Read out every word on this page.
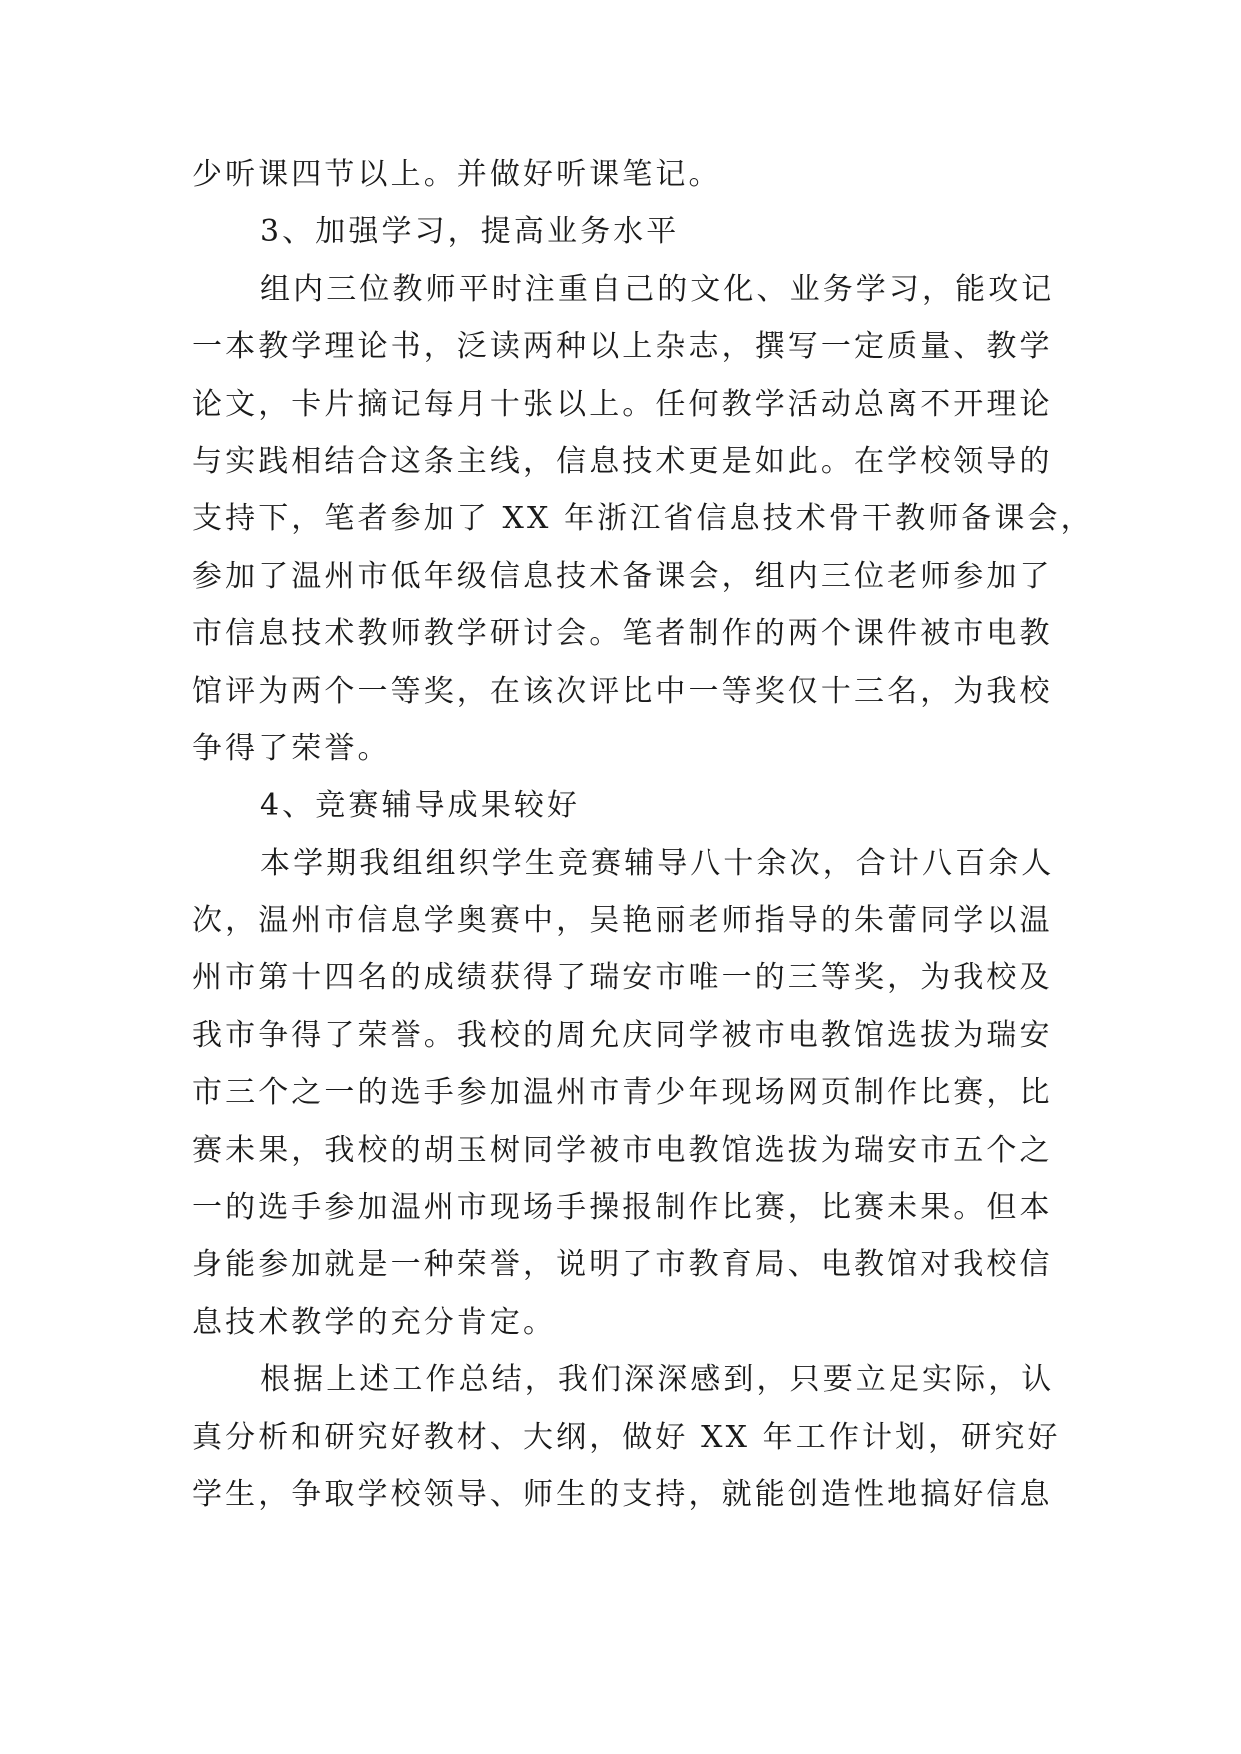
少听课四节以上。并做好听课笔记。
3、加强学习，提高业务水平
组内三位教师平时注重自己的文化、业务学习，能攻记
一本教学理论书，泛读两种以上杂志，撰写一定质量、教学
论文，卡片摘记每月十张以上。任何教学活动总离不开理论
与实践相结合这条主线，信息技术更是如此。在学校领导的
支持下，笔者参加了 XX 年浙江省信息技术骨干教师备课会，
参加了温州市低年级信息技术备课会，组内三位老师参加了
市信息技术教师教学研讨会。笔者制作的两个课件被市电教
馆评为两个一等奖，在该次评比中一等奖仅十三名，为我校
争得了荣誉。
4、竞赛辅导成果较好
本学期我组组织学生竞赛辅导八十余次，合计八百余人
次，温州市信息学奥赛中，吴艳丽老师指导的朱蕾同学以温
州市第十四名的成绩获得了瑞安市唯一的三等奖，为我校及
我市争得了荣誉。我校的周允庆同学被市电教馆选拔为瑞安
市三个之一的选手参加温州市青少年现场网页制作比赛，比
赛未果，我校的胡玉树同学被市电教馆选拔为瑞安市五个之
一的选手参加温州市现场手操报制作比赛，比赛未果。但本
身能参加就是一种荣誉，说明了市教育局、电教馆对我校信
息技术教学的充分肯定。
根据上述工作总结，我们深深感到，只要立足实际，认
真分析和研究好教材、大纲，做好 XX 年工作计划，研究好
学生，争取学校领导、师生的支持，就能创造性地搞好信息
